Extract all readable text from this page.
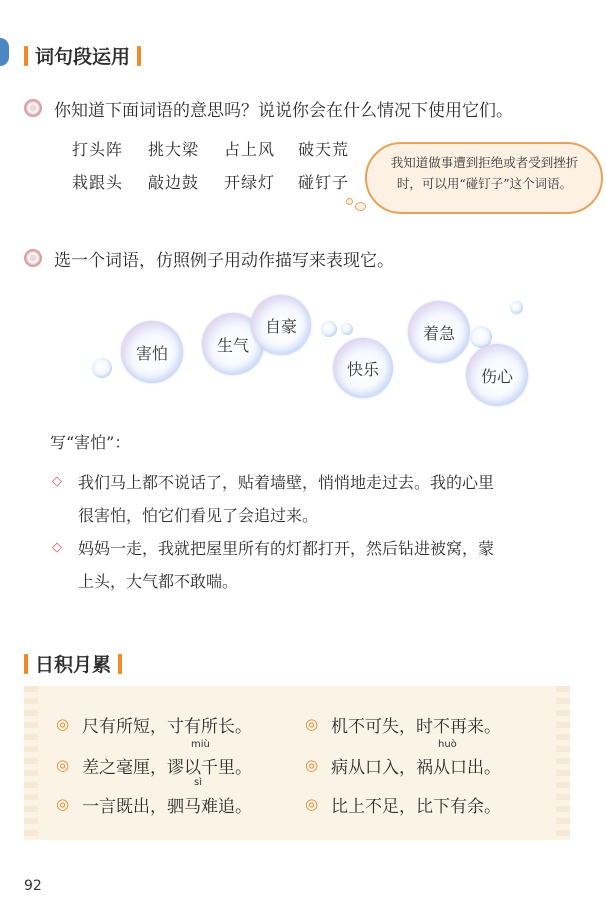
词句段运用
你知道下面词语的意思吗？说说你会在什么情况下使用它们。
打头阵 挑大梁 占上风 破天荒
栽跟头 敲边鼓 开绿灯 碰钉子
我知道做事遭到拒绝或者受到挫折时，可以用“碰钉子”这个词语。
选一个词语，仿照例子用动作描写来表现它。
害怕	生气
自豪
快乐
着急
伤心
写“害怕”：
◇ 我们马上都不说话了，贴着墙壁，悄悄地走过去。我的心里
很害怕，怕它们看见了会追过来。
◇ 妈妈一走，我就把屋里所有的灯都打开，然后钻进被窝，蒙
上头，大气都不敢喘。
日积月累
◎ 尺有所短，寸有所长。	◎ 机不可失，时不再来。
miù	huò
◎ 差之毫厘，谬以千里。	◎ 病从口入，祸从口出。
sì
◎ 一言既出，驷马难追。	◎ 比上不足，比下有余。
92
